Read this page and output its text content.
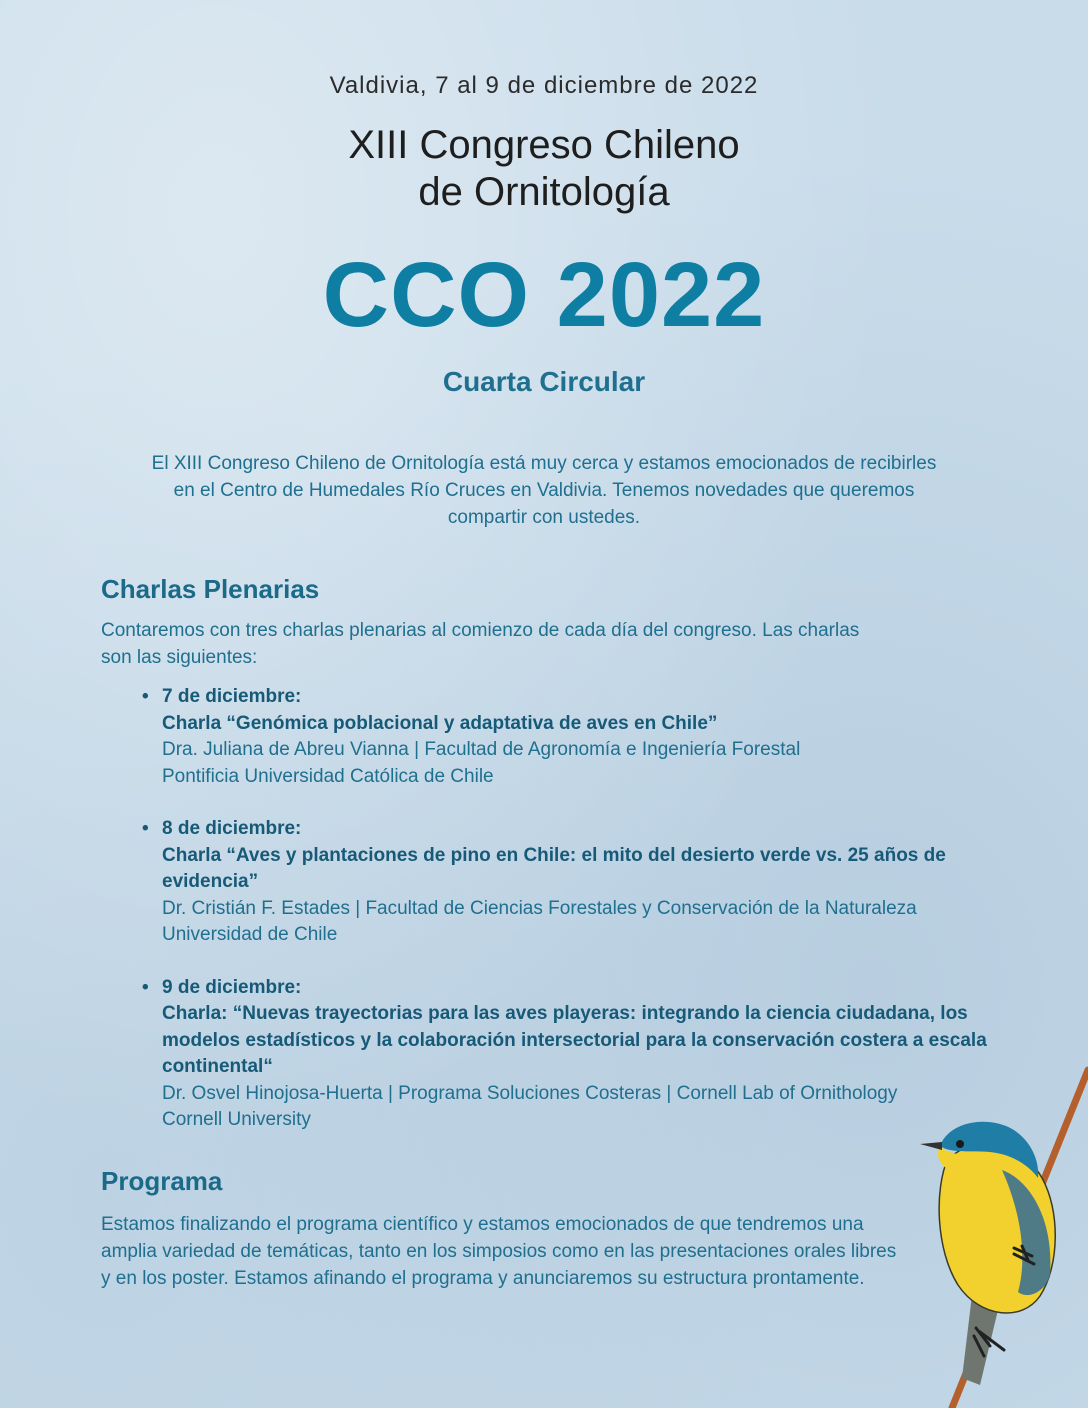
Valdivia, 7 al 9 de diciembre de 2022
XIII Congreso Chileno
de Ornitología
CCO 2022
Cuarta Circular

El XIII Congreso Chileno de Ornitología está muy cerca y estamos emocionados de recibirles en el Centro de Humedales Río Cruces en Valdivia. Tenemos novedades que queremos compartir con ustedes.

Charlas Plenarias

Contaremos con tres charlas plenarias al comienzo de cada día del congreso. Las charlas son las siguientes:

• 7 de diciembre:
Charla “Genómica poblacional y adaptativa de aves en Chile”
Dra. Juliana de Abreu Vianna | Facultad de Agronomía e Ingeniería Forestal
Pontificia Universidad Católica de Chile
• 8 de diciembre:
Charla “Aves y plantaciones de pino en Chile: el mito del desierto verde vs. 25 años de evidencia”
Dr. Cristián F. Estades | Facultad de Ciencias Forestales y Conservación de la Naturaleza
Universidad de Chile
• 9 de diciembre:
Charla: “Nuevas trayectorias para las aves playeras: integrando la ciencia ciudadana, los modelos estadísticos y la colaboración intersectorial para la conservación costera a escala continental“
Dr. Osvel Hinojosa-Huerta | Programa Soluciones Costeras | Cornell Lab of Ornithology
Cornell University
Programa

Estamos finalizando el programa científico y estamos emocionados de que tendremos una amplia variedad de temáticas, tanto en los simposios como en las presentaciones orales libres y en los poster. Estamos afinando el programa y anunciaremos su estructura prontamente.
